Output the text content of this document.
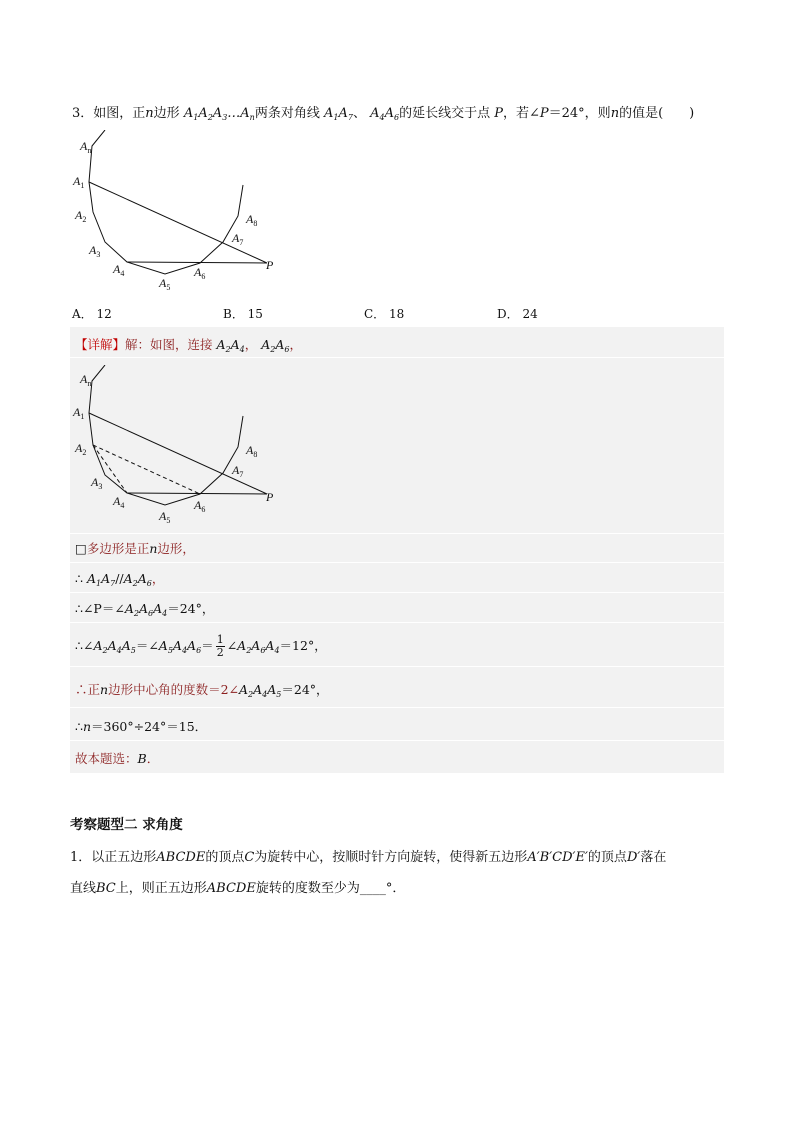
3．如图，正n边形 $A_1A_2A_3\dots A_n$两条对角线 $A_1A_7$、 $A_4A_6$的延长线交于点 P，若∠P＝24°，则n的值是(　　)
$A_n$
$A_1$
$A_2$
$A_3$
$A_4$
$A_5$
$A_6$
$A_7$
$A_8$
P
A． 12	B． 15	C． 18	D． 24
【详解】解：如图，连接 $A_2A_4$， $A_2A_6$，
$A_n$
$A_1$
$A_2$
$A_3$
$A_4$
$A_5$
$A_6$
$A_7$
$A_8$
P
□多边形是正n边形，
∴ $A_1A_7//A_2A_6$，
$\therefore\angle P=\angle A_2A_6A_4=24^\circ$，
$\therefore\angle A_2A_4A_5=\angle A_5A_4A_6= \frac{1}{2}$ $\angle A_2A_6A_4=12^\circ$，
∴正n边形中心角的度数$=2\angle A_2A_4A_5=24^\circ$，
∴n＝360°÷24°＝15．
故本题选：B．
考察题型二 求角度
1．以正五边形ABCDE的顶点C为旋转中心，按顺时针方向旋转，使得新五边形A′B′CD′E′的顶点D′落在
直线BC上，则正五边形ABCDE旋转的度数至少为____°．
